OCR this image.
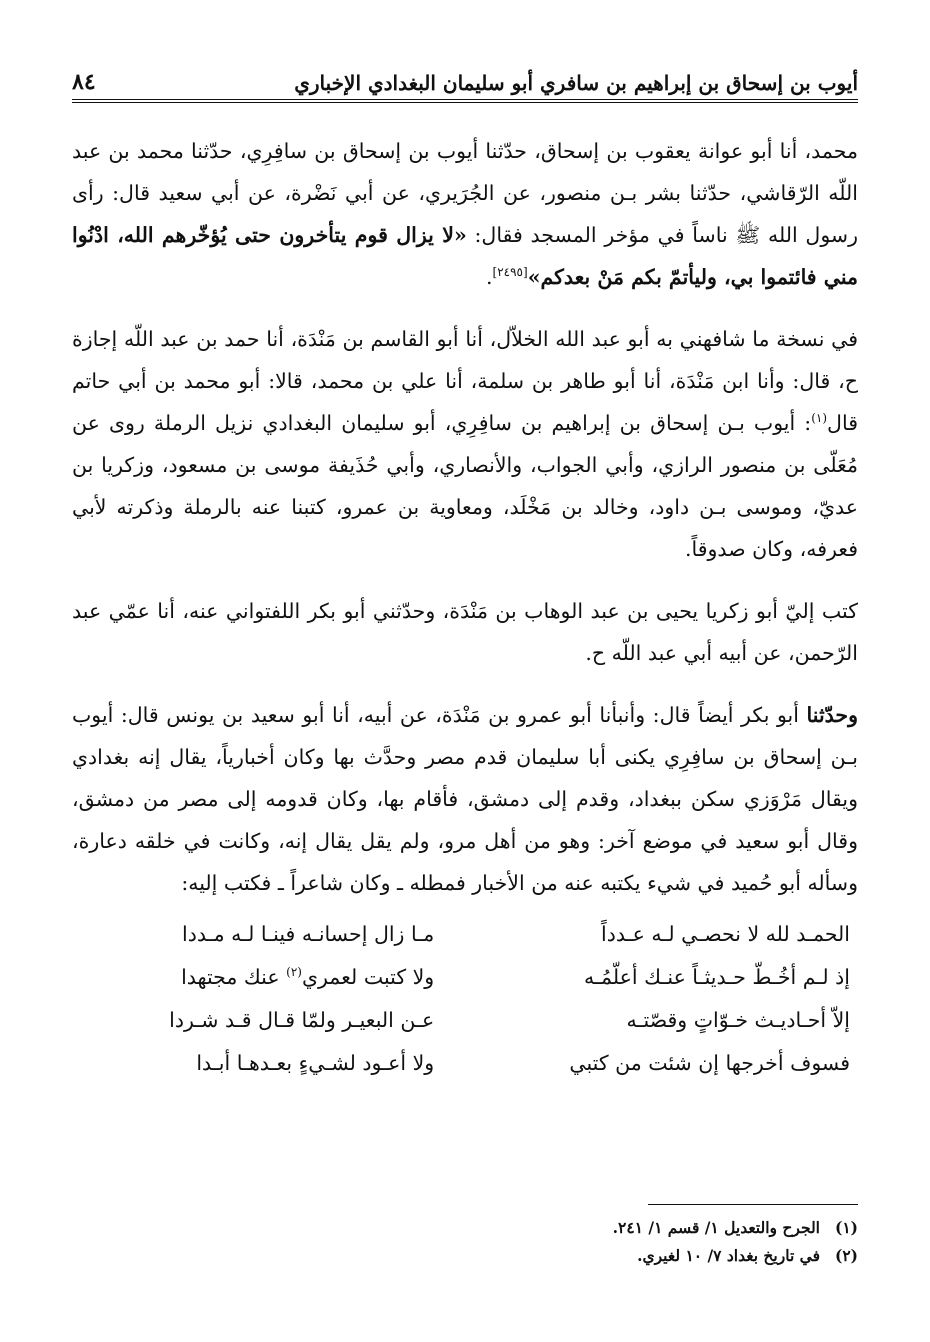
أيوب بن إسحاق بن إبراهيم بن سافري أبو سليمان البغدادي الإخباري
٨٤

محمد، أنا أبو عوانة يعقوب بن إسحاق، حدّثنا أيوب بن إسحاق بن سافِرِي، حدّثنا محمد بن عبد اللّه الرّقاشي، حدّثنا بشر بـن منصور، عن الجُرَيري، عن أبي نَضْرة، عن أبي سعيد قال: رأى رسول الله ﷺ ناساً في مؤخر المسجد فقال: «لا يزال قوم يتأخرون حتى يُؤخّرهم الله، ادْنُوا مني فائتموا بي، وليأتمّ بكم مَنْ بعدكم»[٢٤٩٥].

في نسخة ما شافهني به أبو عبد الله الخلاّل، أنا أبو القاسم بن مَنْدَة، أنا حمد بن عبد اللّه إجازة ح، قال: وأنا ابن مَنْدَة، أنا أبو طاهر بن سلمة، أنا علي بن محمد، قالا: أبو محمد بن أبي حاتم قال$^{(١)}$: أيوب بـن إسحاق بن إبراهيم بن سافِرِي، أبو سليمان البغدادي نزيل الرملة روى عن مُعَلّى بن منصور الرازي، وأبي الجواب، والأنصاري، وأبي حُذَيفة موسى بن مسعود، وزكريا بن عديّ، وموسى بـن داود، وخالد بن مَخْلَد، ومعاوية بن عمرو، كتبنا عنه بالرملة وذكرته لأبي فعرفه، وكان صدوقاً.

كتب إليّ أبو زكريا يحيى بن عبد الوهاب بن مَنْدَة، وحدّثني أبو بكر اللفتواني عنه، أنا عمّي عبد الرّحمن، عن أبيه أبي عبد اللّه ح.

وحدّثنا أبو بكر أيضاً قال: وأنبأنا أبو عمرو بن مَنْدَة، عن أبيه، أنا أبو سعيد بن يونس قال: أيوب بـن إسحاق بن سافِرِي يكنى أبا سليمان قدم مصر وحدَّث بها وكان أخبارياً، يقال إنه بغدادي ويقال مَرْوَزي سكن ببغداد، وقدم إلى دمشق، فأقام بها، وكان قدومه إلى مصر من دمشق، وقال أبو سعيد في موضع آخر: وهو من أهل مرو، ولم يقل يقال إنه، وكانت في خلقه دعارة، وسأله أبو حُميد في شيء يكتبه عنه من الأخبار فمطله ـ وكان شاعراً ـ فكتب إليه:

الحمـد لله لا نحصـي لـه عـدداً
مـا زال إحسانـه فينـا لـه مـددا
إذ لـم أخُـطّ حـديثـاً عنـك أعلّمُـه
ولا كتبت لعمري$^{(٢)}$ عنك مجتهدا
إلاّ أحـاديـث خـوّاتٍ وقصّتـه
عـن البعيـر ولمّا قـال قـد شـردا
فسوف أخرجها إن شئت من كتبي
ولا أعـود لشـيءٍ بعـدهـا أبـدا
(١)
الجرح والتعديل ١/ قسم ١/ ٢٤١.
(٢)
في تاريخ بغداد ٧/ ١٠ لغيري.
